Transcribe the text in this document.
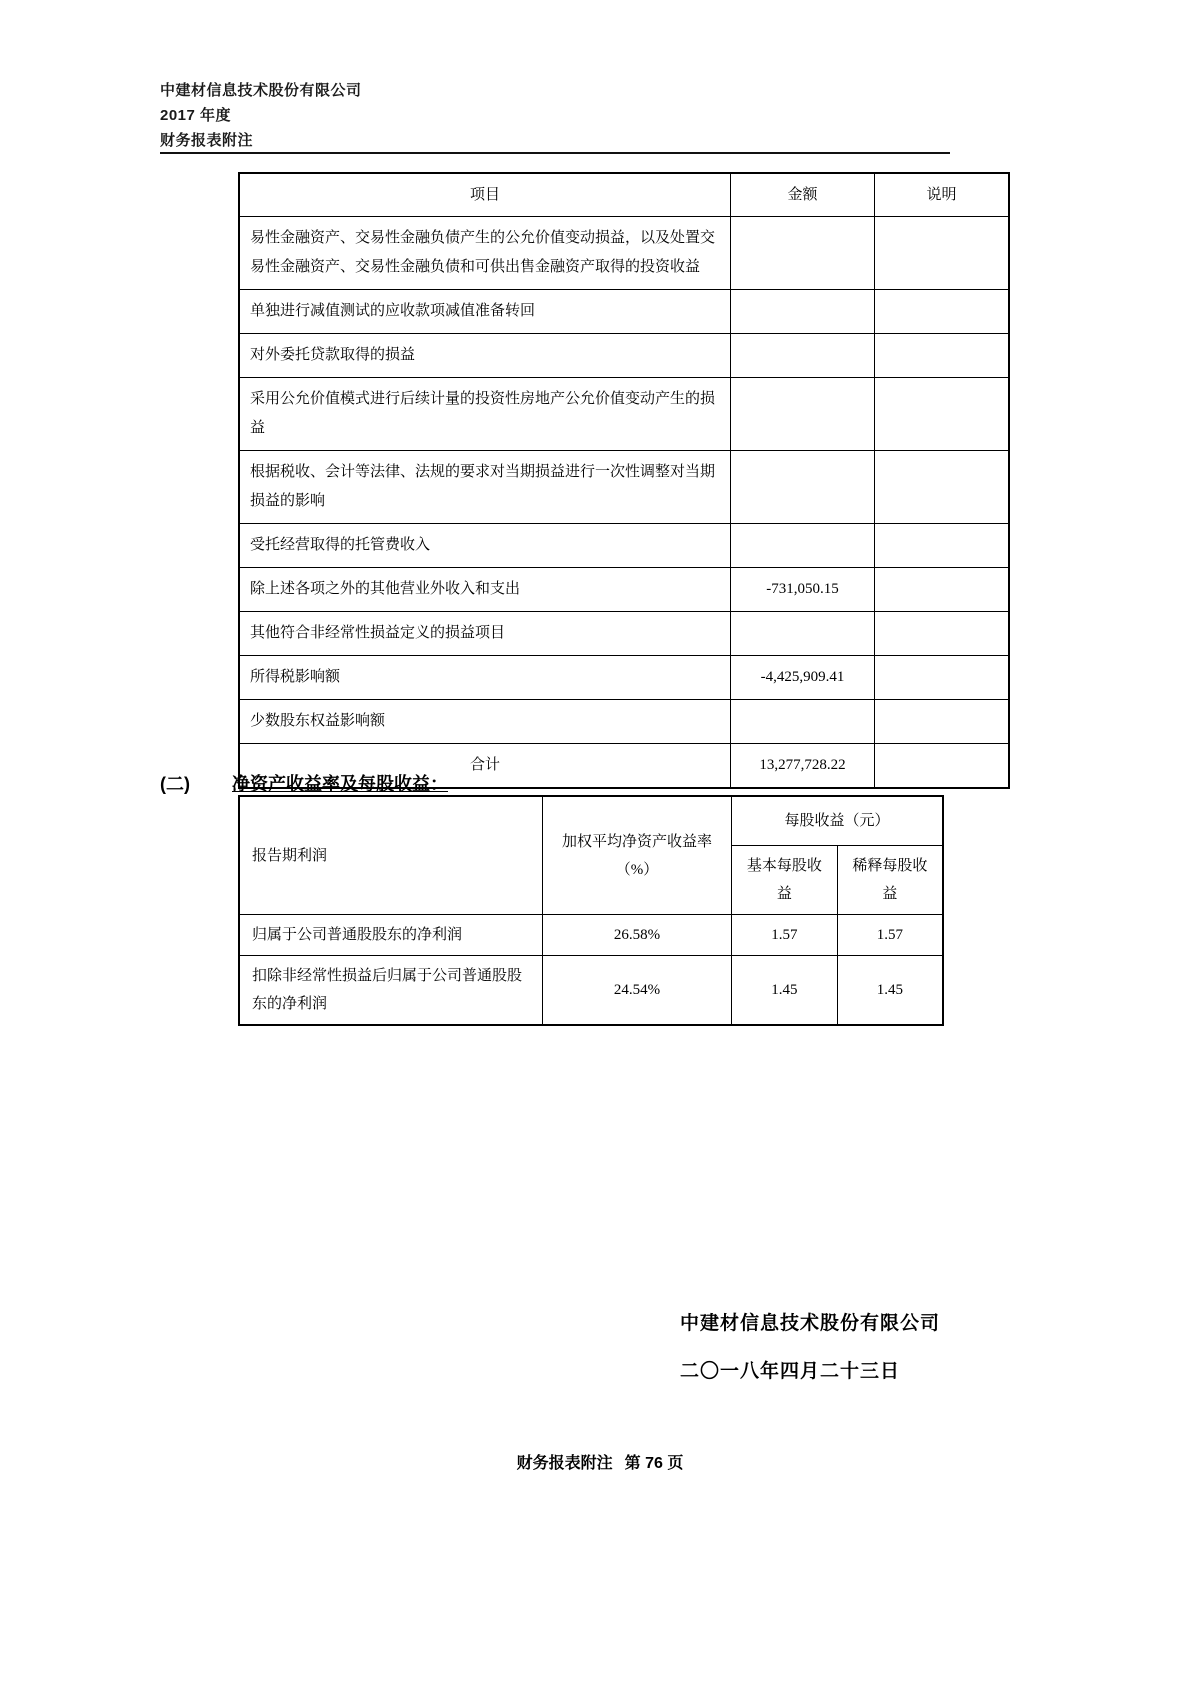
中建材信息技术股份有限公司
2017 年度
财务报表附注
项目	金额	说明
易性金融资产、交易性金融负债产生的公允价值变动损益，以及处置交易性金融资产、交易性金融负债和可供出售金融资产取得的投资收益		
单独进行减值测试的应收款项减值准备转回		
对外委托贷款取得的损益		
采用公允价值模式进行后续计量的投资性房地产公允价值变动产生的损益		
根据税收、会计等法律、法规的要求对当期损益进行一次性调整对当期损益的影响		
受托经营取得的托管费收入		
除上述各项之外的其他营业外收入和支出	-731,050.15	
其他符合非经常性损益定义的损益项目		
所得税影响额	-4,425,909.41	
少数股东权益影响额		
合计	13,277,728.22	
(二) 净资产收益率及每股收益：
报告期利润	加权平均净资产收益率（%）	每股收益（元）	
		基本每股收益	稀释每股收益
归属于公司普通股股东的净利润	26.58%	1.57	1.57
扣除非经常性损益后归属于公司普通股股东的净利润	24.54%	1.45	1.45
中建材信息技术股份有限公司
二〇一八年四月二十三日
财务报表附注 第 76 页
